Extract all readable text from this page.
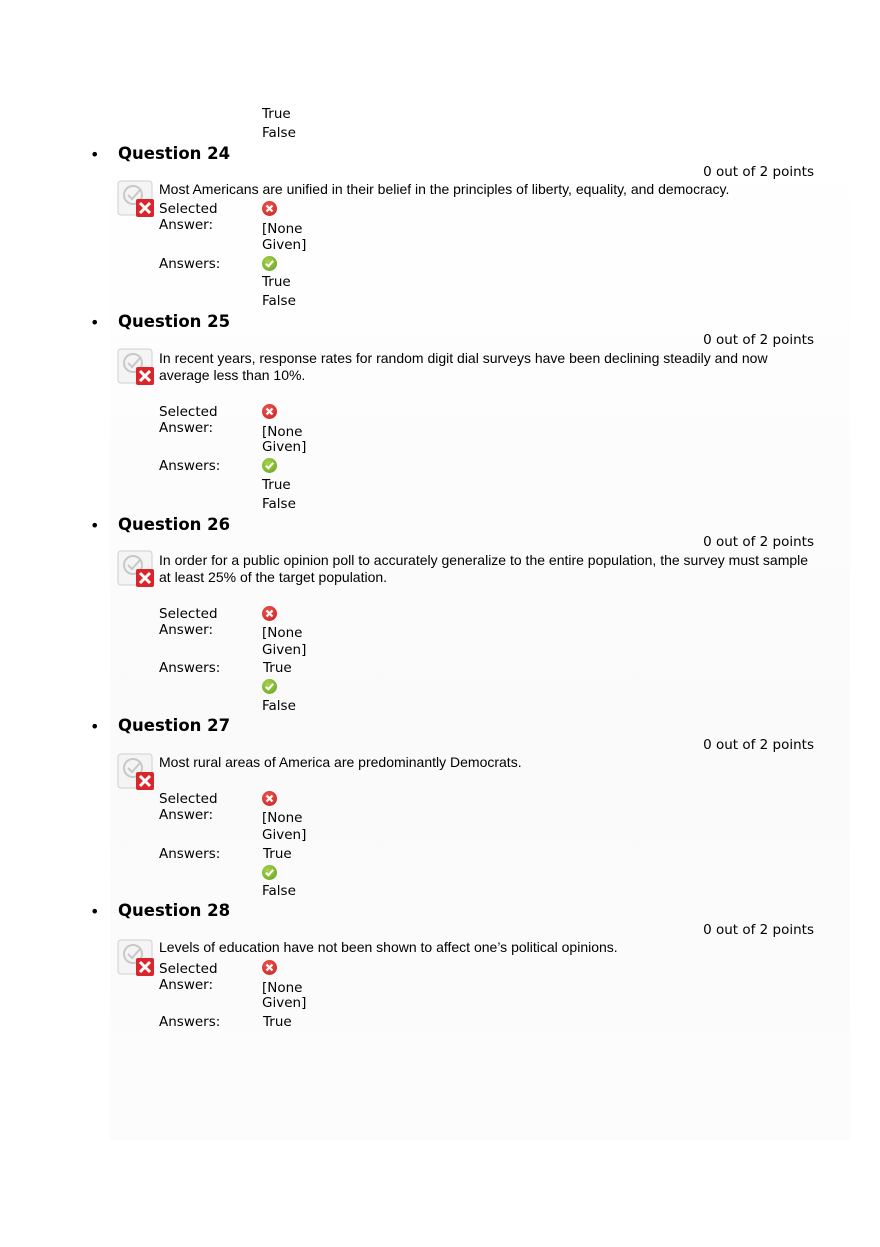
True
False
• Question 24
0 out of 2 points
Most Americans are unified in their belief in the principles of liberty, equality, and democracy.
Selected
Answer:	[None
Given]
Answers:
True
False
• Question 25
0 out of 2 points
In recent years, response rates for random digit dial surveys have been declining steadily and now
average less than 10%.
Selected
Answer:	[None
Given]
Answers:
True
False
• Question 26
0 out of 2 points
In order for a public opinion poll to accurately generalize to the entire population, the survey must sample
at least 25% of the target population.
Selected
Answer:	[None
Given]
Answers:	True
False
• Question 27
0 out of 2 points
Most rural areas of America are predominantly Democrats.
Selected
Answer:	[None
Given]
Answers:	True
False
• Question 28
0 out of 2 points
Levels of education have not been shown to affect one’s political opinions.
Selected
Answer:	[None
Given]
Answers:	True
